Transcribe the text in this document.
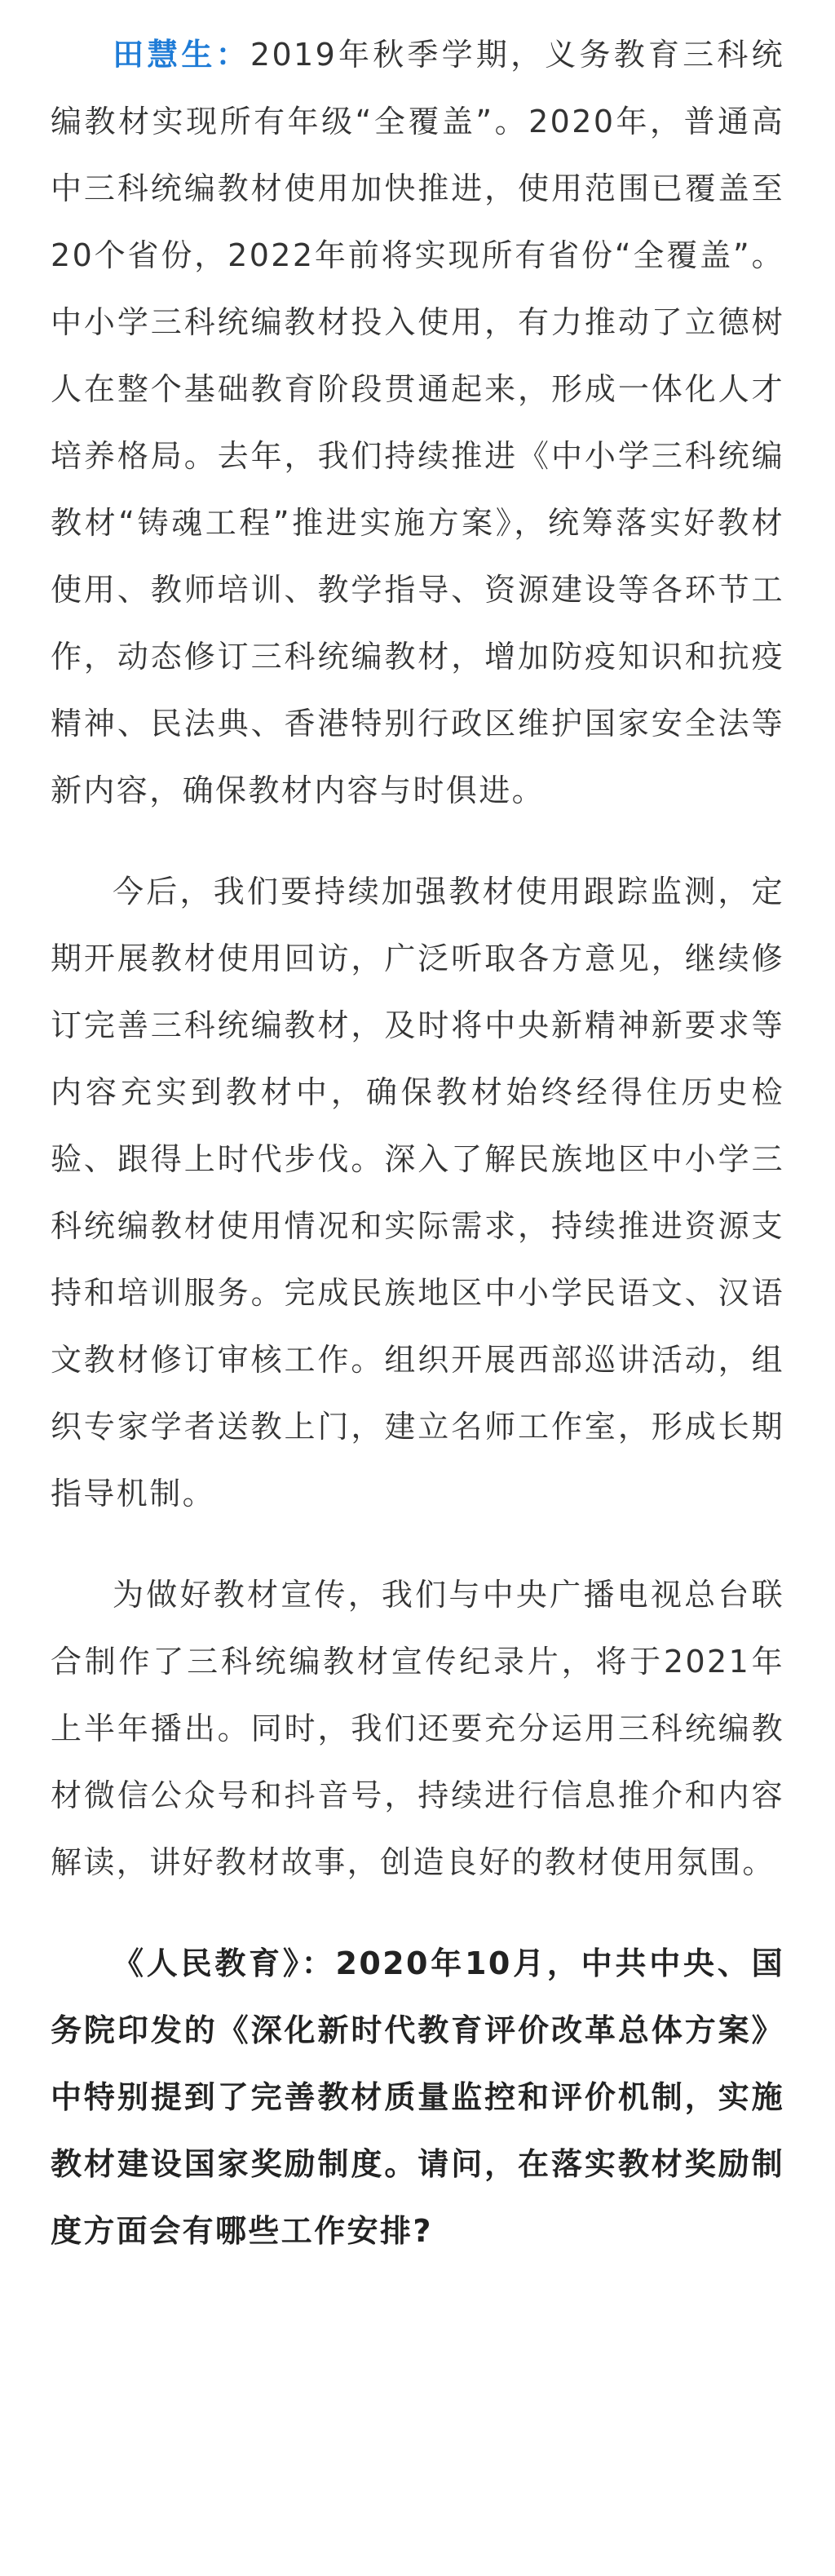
田慧生：2019年秋季学期，义务教育三科统编教材实现所有年级“全覆盖”。2020年，普通高中三科统编教材使用加快推进，使用范围已覆盖至20个省份，2022年前将实现所有省份“全覆盖”。中小学三科统编教材投入使用，有力推动了立德树人在整个基础教育阶段贯通起来，形成一体化人才培养格局。去年，我们持续推进《中小学三科统编教材“铸魂工程”推进实施方案》，统筹落实好教材使用、教师培训、教学指导、资源建设等各环节工作，动态修订三科统编教材，增加防疫知识和抗疫精神、民法典、香港特别行政区维护国家安全法等新内容，确保教材内容与时俱进。

今后，我们要持续加强教材使用跟踪监测，定期开展教材使用回访，广泛听取各方意见，继续修订完善三科统编教材，及时将中央新精神新要求等内容充实到教材中，确保教材始终经得住历史检验、跟得上时代步伐。深入了解民族地区中小学三科统编教材使用情况和实际需求，持续推进资源支持和培训服务。完成民族地区中小学民语文、汉语文教材修订审核工作。组织开展西部巡讲活动，组织专家学者送教上门，建立名师工作室，形成长期指导机制。

为做好教材宣传，我们与中央广播电视总台联合制作了三科统编教材宣传纪录片，将于2021年上半年播出。同时，我们还要充分运用三科统编教材微信公众号和抖音号，持续进行信息推介和内容解读，讲好教材故事，创造良好的教材使用氛围。

《人民教育》：2020年10月，中共中央、国务院印发的《深化新时代教育评价改革总体方案》中特别提到了完善教材质量监控和评价机制，实施教材建设国家奖励制度。请问，在落实教材奖励制度方面会有哪些工作安排?
